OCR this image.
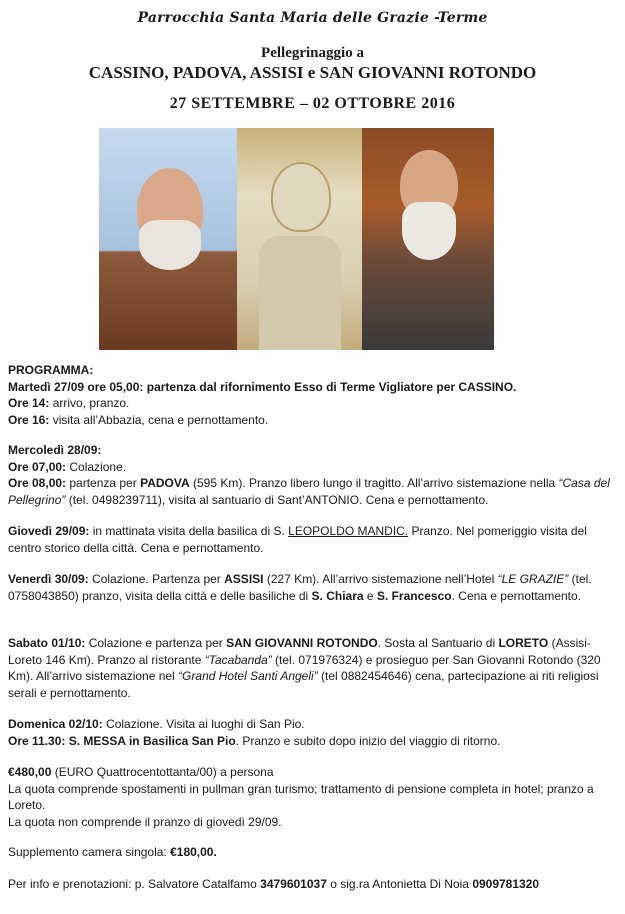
Parrocchia Santa Maria delle Grazie -Terme
Pellegrinaggio a
CASSINO, PADOVA, ASSISI e SAN GIOVANNI ROTONDO
27 SETTEMBRE – 02 OTTOBRE 2016

PROGRAMMA:

Martedì 27/09 ore 05,00: partenza dal rifornimento Esso di Terme Vigliatore per CASSINO.

Ore 14: arrivo, pranzo.

Ore 16: visita all’Abbazia, cena e pernottamento.

Mercoledì 28/09:

Ore 07,00: Colazione.

Ore 08,00: partenza per PADOVA (595 Km). Pranzo libero lungo il tragitto. All’arrivo sistemazione nella “Casa del Pellegrino” (tel. 0498239711), visita al santuario di Sant’ANTONIO. Cena e pernottamento.

Giovedì 29/09: in mattinata visita della basilica di S. LEOPOLDO MANDIC. Pranzo. Nel pomeriggio visita del centro storico della città. Cena e pernottamento.

Venerdì 30/09: Colazione. Partenza per ASSISI (227 Km). All’arrivo sistemazione nell’Hotel “LE GRAZIE” (tel. 0758043850) pranzo, visita della città e delle basiliche di S. Chiara e S. Francesco. Cena e pernottamento.

Sabato 01/10: Colazione e partenza per SAN GIOVANNI ROTONDO. Sosta al Santuario di LORETO (Assisi-Loreto 146 Km). Pranzo al ristorante “Tacabanda” (tel. 071976324) e prosieguo per San Giovanni Rotondo (320 Km). All’arrivo sistemazione nel “Grand Hotel Santi Angeli” (tel 0882454646) cena, partecipazione ai riti religiosi serali e pernottamento.

Domenica 02/10: Colazione. Visita ai luoghi di San Pio.

Ore 11.30: S. MESSA in Basilica San Pio. Pranzo e subito dopo inizio del viaggio di ritorno.

€480,00 (EURO Quattrocentottanta/00) a persona

La quota comprende spostamenti in pullman gran turismo; trattamento di pensione completa in hotel; pranzo a Loreto.

La quota non comprende il pranzo di giovedì 29/09.

Supplemento camera singola: €180,00.

Per info e prenotazioni: p. Salvatore Catalfamo 3479601037 o sig.ra Antonietta Di Noia 0909781320
